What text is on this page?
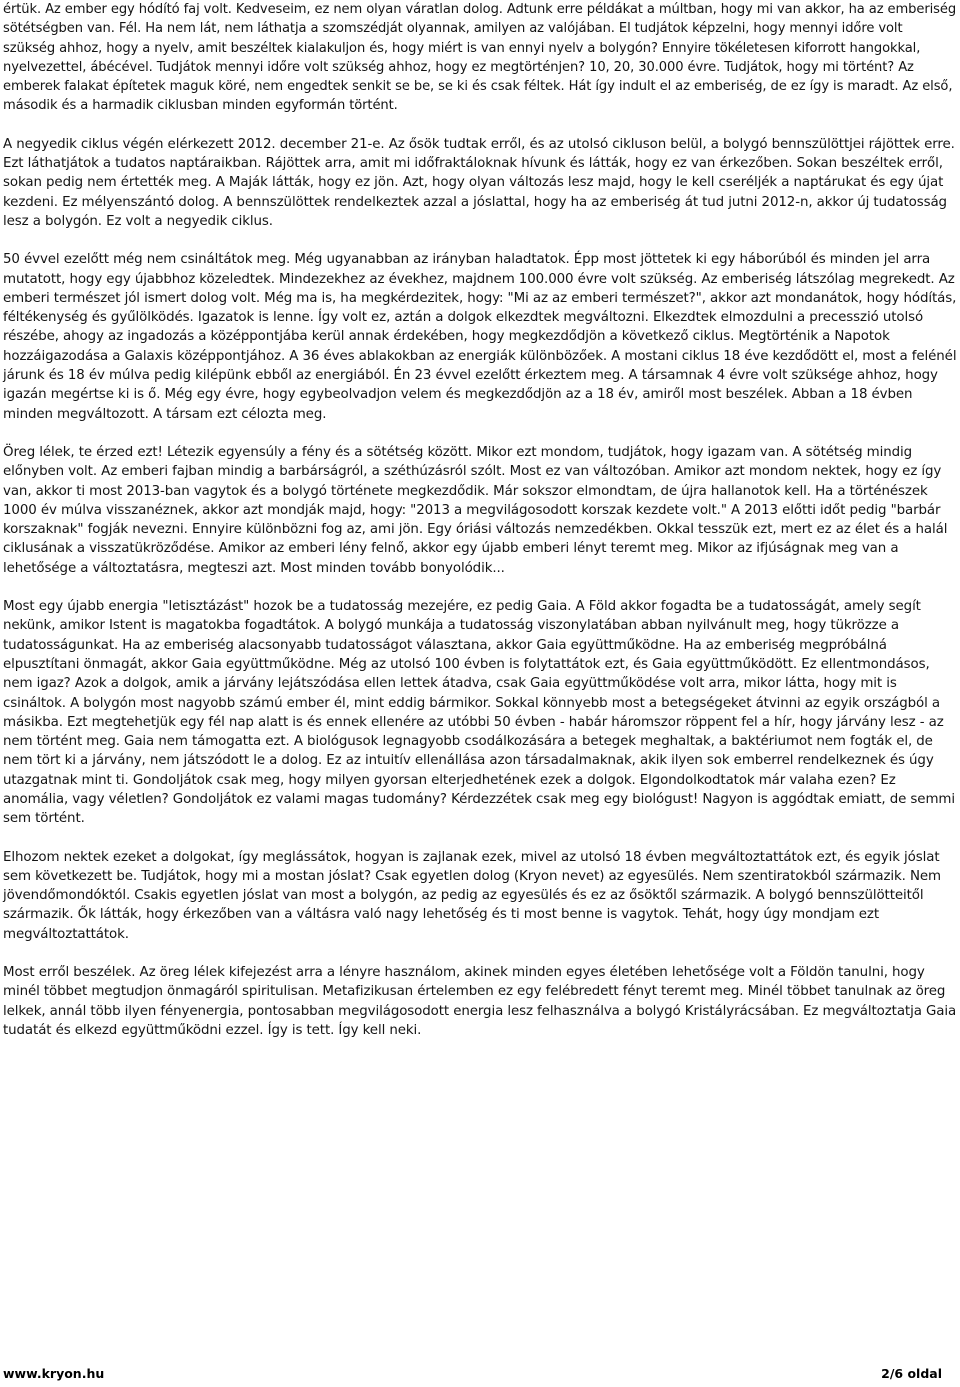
értük. Az ember egy hódító faj volt. Kedveseim, ez nem olyan váratlan dolog. Adtunk erre példákat a múltban, hogy mi van akkor, ha az emberiség sötétségben van. Fél. Ha nem lát, nem láthatja a szomszédját olyannak, amilyen az valójában. El tudjátok képzelni, hogy mennyi időre volt szükség ahhoz, hogy a nyelv, amit beszéltek kialakuljon és, hogy miért is van ennyi nyelv a bolygón? Ennyire tökéletesen kiforrott hangokkal, nyelvezettel, ábécével. Tudjátok mennyi időre volt szükség ahhoz, hogy ez megtörténjen? 10, 20, 30.000 évre. Tudjátok, hogy mi történt? Az emberek falakat építetek maguk köré, nem engedtek senkit se be, se ki és csak féltek. Hát így indult el az emberiség, de ez így is maradt. Az első, második és a harmadik ciklusban minden egyformán történt.

A negyedik ciklus végén elérkezett 2012. december 21-e. Az ősök tudtak erről, és az utolsó cikluson belül, a bolygó bennszülöttjei rájöttek erre. Ezt láthatjátok a tudatos naptáraikban. Rájöttek arra, amit mi időfraktáloknak hívunk és látták, hogy ez van érkezőben. Sokan beszéltek erről, sokan pedig nem értették meg. A Maják látták, hogy ez jön. Azt, hogy olyan változás lesz majd, hogy le kell cseréljék a naptárukat és egy újat kezdeni. Ez mélyenszántó dolog. A bennszülöttek rendelkeztek azzal a jóslattal, hogy ha az emberiség át tud jutni 2012-n, akkor új tudatosság lesz a bolygón. Ez volt a negyedik ciklus.

50 évvel ezelőtt még nem csináltátok meg. Még ugyanabban az irányban haladtatok. Épp most jöttetek ki egy háborúból és minden jel arra mutatott, hogy egy újabbhoz közeledtek. Mindezekhez az évekhez, majdnem 100.000 évre volt szükség. Az emberiség látszólag megrekedt. Az emberi természet jól ismert dolog volt. Még ma is, ha megkérdezitek, hogy: "Mi az az emberi természet?", akkor azt mondanátok, hogy hódítás, féltékenység és gyűlölködés. Igazatok is lenne. Így volt ez, aztán a dolgok elkezdtek megváltozni. Elkezdtek elmozdulni a precesszió utolsó részébe, ahogy az ingadozás a középpontjába kerül annak érdekében, hogy megkezdődjön a következő ciklus. Megtörténik a Napotok hozzáigazodása a Galaxis középpontjához. A 36 éves ablakokban az energiák különbözőek. A mostani ciklus 18 éve kezdődött el, most a felénél járunk és 18 év múlva pedig kilépünk ebből az energiából. Én 23 évvel ezelőtt érkeztem meg. A társamnak 4 évre volt szüksége ahhoz, hogy igazán megértse ki is ő. Még egy évre, hogy egybeolvadjon velem és megkezdődjön az a 18 év, amiről most beszélek. Abban a 18 évben minden megváltozott. A társam ezt célozta meg.

Öreg lélek, te érzed ezt! Létezik egyensúly a fény és a sötétség között. Mikor ezt mondom, tudjátok, hogy igazam van. A sötétség mindig előnyben volt. Az emberi fajban mindig a barbárságról, a széthúzásról szólt. Most ez van változóban. Amikor azt mondom nektek, hogy ez így van, akkor ti most 2013-ban vagytok és a bolygó története megkezdődik. Már sokszor elmondtam, de újra hallanotok kell. Ha a történészek 1000 év múlva visszanéznek, akkor azt mondják majd, hogy: "2013 a megvilágosodott korszak kezdete volt." A 2013 előtti időt pedig "barbár korszaknak" fogják nevezni. Ennyire különbözni fog az, ami jön. Egy óriási változás nemzedékben. Okkal tesszük ezt, mert ez az élet és a halál ciklusának a visszatükröződése. Amikor az emberi lény felnő, akkor egy újabb emberi lényt teremt meg. Mikor az ifjúságnak meg van a lehetősége a változtatásra, megteszi azt. Most minden tovább bonyolódik...

Most egy újabb energia "letisztázást" hozok be a tudatosság mezejére, ez pedig Gaia. A Föld akkor fogadta be a tudatosságát, amely segít nekünk, amikor Istent is magatokba fogadtátok. A bolygó munkája a tudatosság viszonylatában abban nyilvánult meg, hogy tükrözze a tudatosságunkat. Ha az emberiség alacsonyabb tudatosságot választana, akkor Gaia együttműködne. Ha az emberiség megpróbálná elpusztítani önmagát, akkor Gaia együttműködne. Még az utolsó 100 évben is folytattátok ezt, és Gaia együttműködött. Ez ellentmondásos, nem igaz? Azok a dolgok, amik a járvány lejátszódása ellen lettek átadva, csak Gaia együttműködése volt arra, mikor látta, hogy mit is csináltok. A bolygón most nagyobb számú ember él, mint eddig bármikor. Sokkal könnyebb most a betegségeket átvinni az egyik országból a másikba. Ezt megtehetjük egy fél nap alatt is és ennek ellenére az utóbbi 50 évben - habár háromszor röppent fel a hír, hogy járvány lesz - az nem történt meg. Gaia nem támogatta ezt. A biológusok legnagyobb csodálkozására a betegek meghaltak, a baktériumot nem fogták el, de nem tört ki a járvány, nem játszódott le a dolog. Ez az intuitív ellenállása azon társadalmaknak, akik ilyen sok emberrel rendelkeznek és úgy utazgatnak mint ti. Gondoljátok csak meg, hogy milyen gyorsan elterjedhetének ezek a dolgok. Elgondolkodtatok már valaha ezen? Ez anomália, vagy véletlen? Gondoljátok ez valami magas tudomány? Kérdezzétek csak meg egy biológust! Nagyon is aggódtak emiatt, de semmi sem történt.

Elhozom nektek ezeket a dolgokat, így meglássátok, hogyan is zajlanak ezek, mivel az utolsó 18 évben megváltoztattátok ezt, és egyik jóslat sem következett be. Tudjátok, hogy mi a mostan jóslat? Csak egyetlen dolog (Kryon nevet) az egyesülés. Nem szentiratokból származik. Nem jövendőmondóktól. Csakis egyetlen jóslat van most a bolygón, az pedig az egyesülés és ez az ősöktől származik. A bolygó bennszülötteitől származik. Ők látták, hogy érkezőben van a váltásra való nagy lehetőség és ti most benne is vagytok. Tehát, hogy úgy mondjam ezt megváltoztattátok.

Most erről beszélek. Az öreg lélek kifejezést arra a lényre használom, akinek minden egyes életében lehetősége volt a Földön tanulni, hogy minél többet megtudjon önmagáról spiritulisan. Metafizikusan értelemben ez egy felébredett fényt teremt meg. Minél többet tanulnak az öreg lelkek, annál több ilyen fényenergia, pontosabban megvilágosodott energia lesz felhasználva a bolygó Kristályrácsában. Ez megváltoztatja Gaia tudatát és elkezd együttműködni ezzel. Így is tett. Így kell neki.

www.kryon.hu	2/6 oldal
